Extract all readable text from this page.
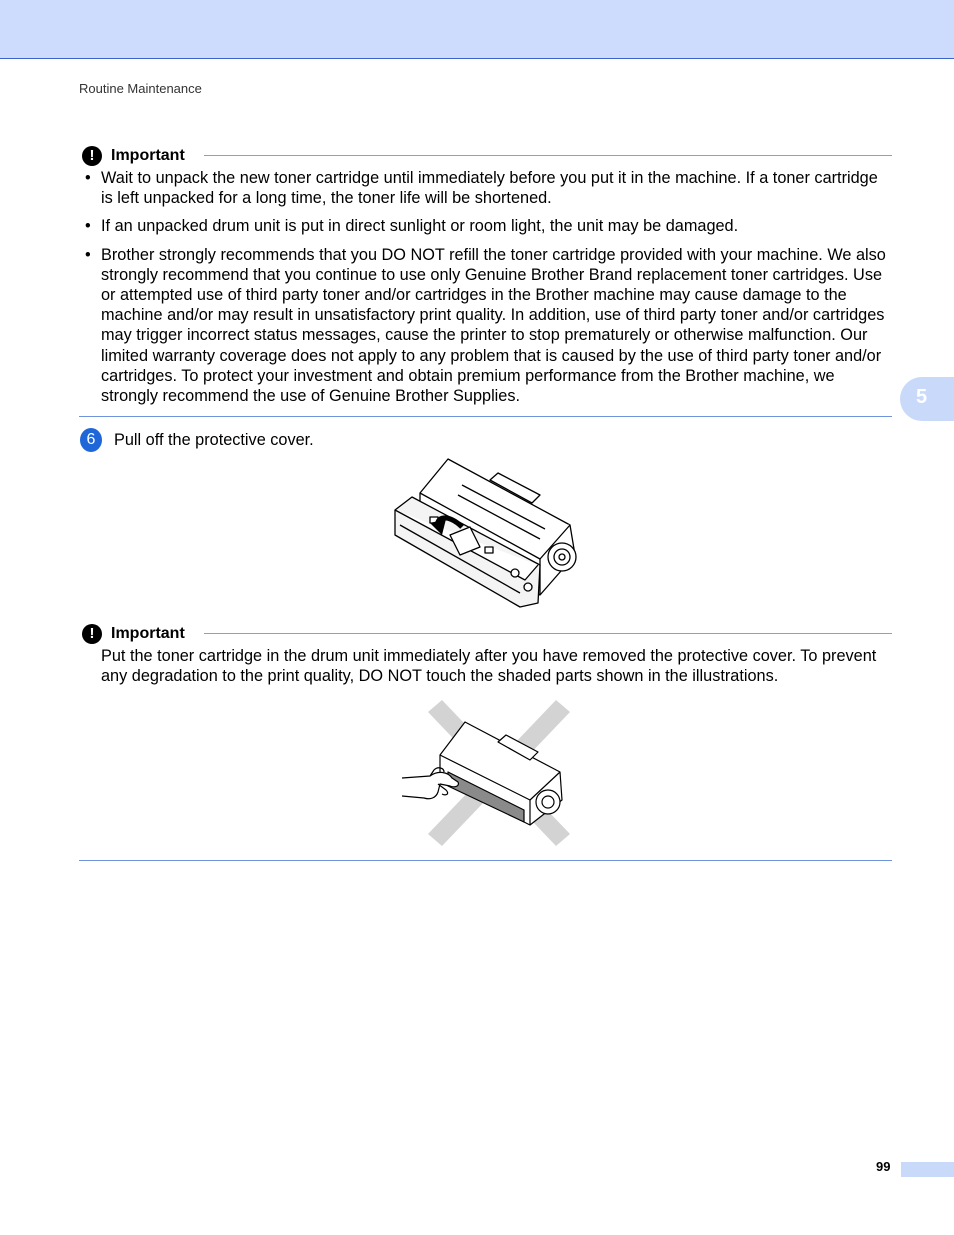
Routine Maintenance
5
!	Important
• Wait to unpack the new toner cartridge until immediately before you put it in the machine. If a toner cartridge is left unpacked for a long time, the toner life will be shortened.
• If an unpacked drum unit is put in direct sunlight or room light, the unit may be damaged.
• Brother strongly recommends that you DO NOT refill the toner cartridge provided with your machine. We also strongly recommend that you continue to use only Genuine Brother Brand replacement toner cartridges. Use or attempted use of third party toner and/or cartridges in the Brother machine may cause damage to the machine and/or may result in unsatisfactory print quality. In addition, use of third party toner and/or cartridges may trigger incorrect status messages, cause the printer to stop prematurely or otherwise malfunction. Our limited warranty coverage does not apply to any problem that is caused by the use of third party toner and/or cartridges. To protect your investment and obtain premium performance from the Brother machine, we strongly recommend the use of Genuine Brother Supplies.
6	Pull off the protective cover.
!	Important
Put the toner cartridge in the drum unit immediately after you have removed the protective cover. To prevent any degradation to the print quality, DO NOT touch the shaded parts shown in the illustrations.
99
